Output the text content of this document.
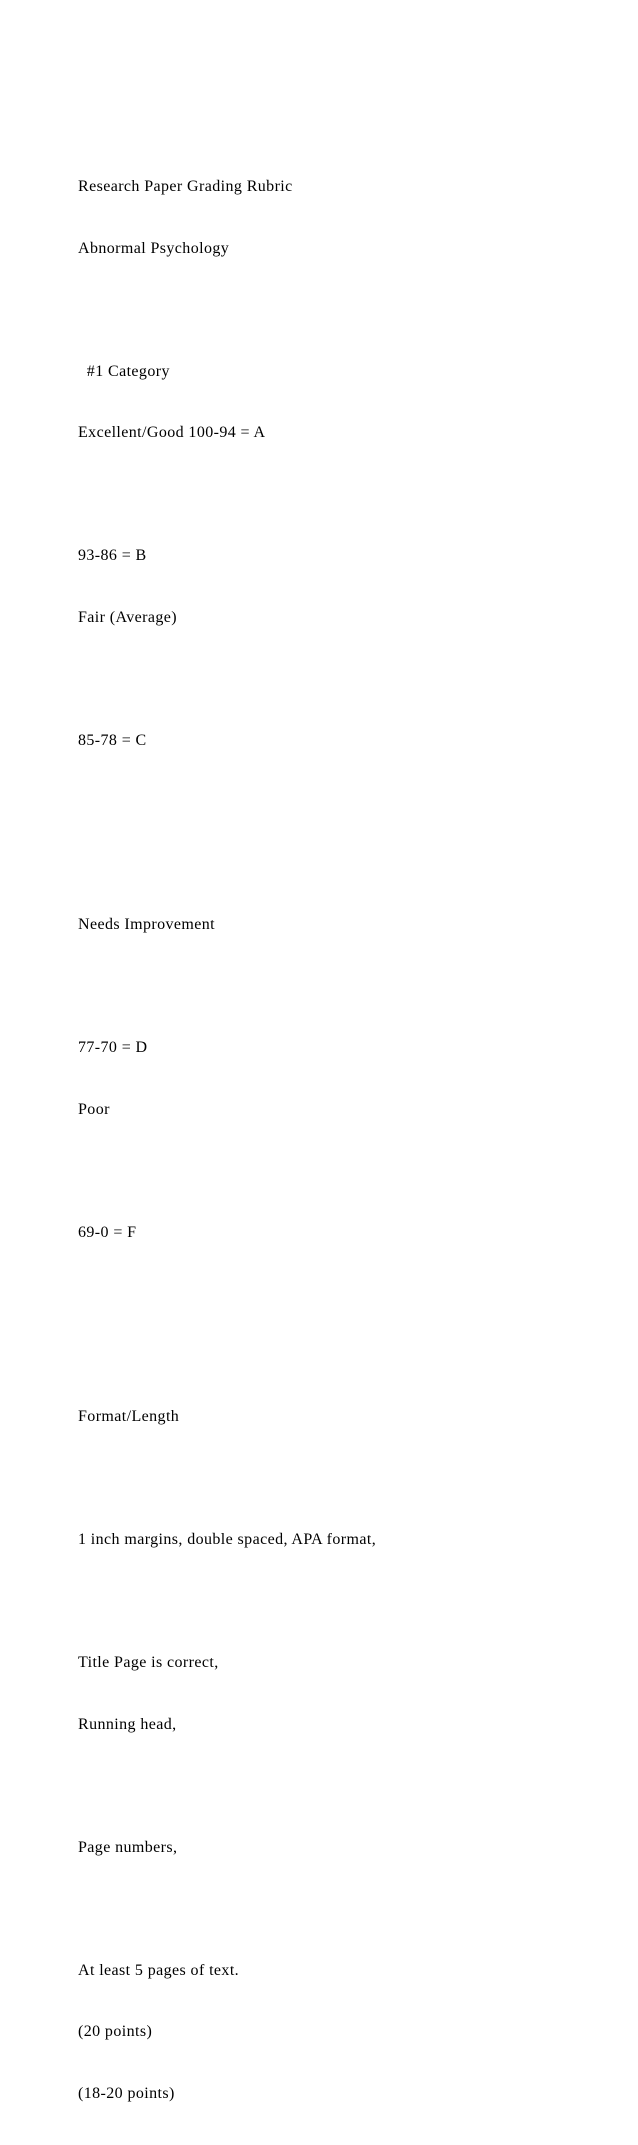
Research Paper Grading Rubric

Abnormal Psychology

#1 Category

Excellent/Good 100-94 = A

93-86 = B

Fair (Average)

85-78 = C

Needs Improvement

77-70 = D

Poor

69-0 = F

Format/Length

1 inch margins, double spaced, APA format,

Title Page is correct,

Running head,

Page numbers,

At least 5 pages of text.

(20 points)

(18-20 points)
